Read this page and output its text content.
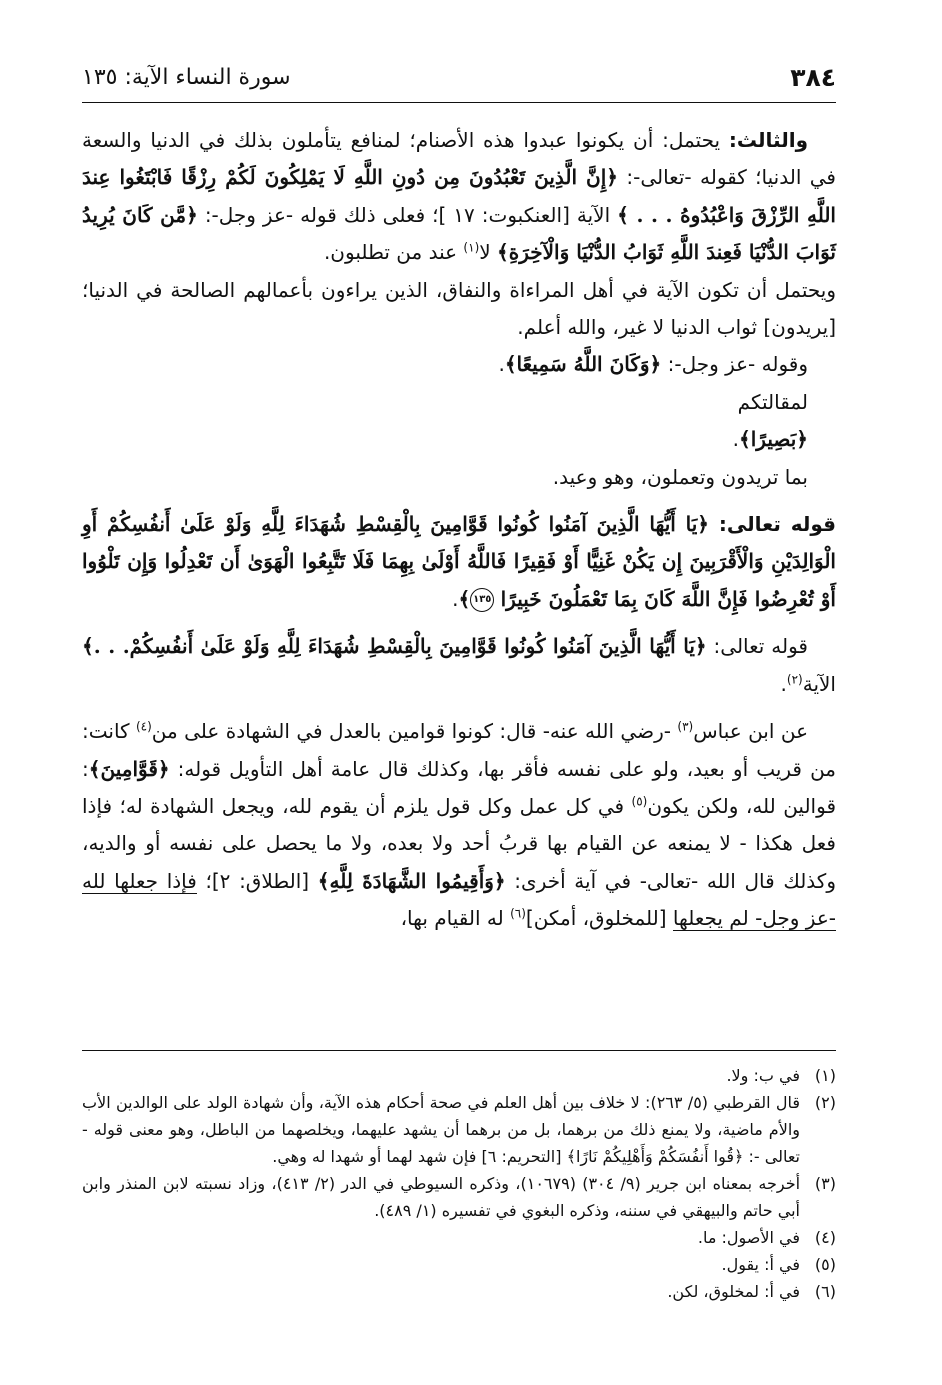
٣٨٤
سورة النساء الآية: ١٣٥

والثالث: يحتمل: أن يكونوا عبدوا هذه الأصنام؛ لمنافع يتأملون بذلك في الدنيا والسعة في الدنيا؛ كقوله -تعالى-: ﴿إِنَّ الَّذِينَ تَعْبُدُونَ مِن دُونِ اللَّهِ لَا يَمْلِكُونَ لَكُمْ رِزْقًا فَابْتَغُوا عِندَ اللَّهِ الرِّزْقَ وَاعْبُدُوهُ . . . ﴾ الآية [العنكبوت: ١٧ ]؛ فعلى ذلك قوله -عز وجل-: ﴿مَّن كَانَ يُرِيدُ ثَوَابَ الدُّنْيَا فَعِندَ اللَّهِ ثَوَابُ الدُّنْيَا وَالْآخِرَةِ﴾ لا$^{(١)}$ عند من تطلبون.

ويحتمل أن تكون الآية في أهل المراءاة والنفاق، الذين يراءون بأعمالهم الصالحة في الدنيا؛ [يريدون] ثواب الدنيا لا غير، والله أعلم.

وقوله -عز وجل-: ﴿وَكَانَ اللَّهُ سَمِيعًا﴾.

لمقالتكم

﴿بَصِيرًا﴾.

بما تريدون وتعملون، وهو وعيد.

قوله تعالى: ﴿يَا أَيُّهَا الَّذِينَ آمَنُوا كُونُوا قَوَّامِينَ بِالْقِسْطِ شُهَدَاءَ لِلَّهِ وَلَوْ عَلَىٰ أَنفُسِكُمْ أَوِ الْوَالِدَيْنِ وَالْأَقْرَبِينَ إِن يَكُنْ غَنِيًّا أَوْ فَقِيرًا فَاللَّهُ أَوْلَىٰ بِهِمَا فَلَا تَتَّبِعُوا الْهَوَىٰ أَن تَعْدِلُوا وَإِن تَلْوُوا أَوْ تُعْرِضُوا فَإِنَّ اللَّهَ كَانَ بِمَا تَعْمَلُونَ خَبِيرًا ١٣٥﴾.

قوله تعالى: ﴿يَا أَيُّهَا الَّذِينَ آمَنُوا كُونُوا قَوَّامِينَ بِالْقِسْطِ شُهَدَاءَ لِلَّهِ وَلَوْ عَلَىٰ أَنفُسِكُمْ. . .﴾ الآية$^{(٢)}$.

عن ابن عباس$^{(٣)}$ -رضي الله عنه- قال: كونوا قوامين بالعدل في الشهادة على من$^{(٤)}$ كانت: من قريب أو بعيد، ولو على نفسه فأقر بها، وكذلك قال عامة أهل التأويل قوله: ﴿قَوَّامِينَ﴾: قوالين لله، ولكن يكون$^{(٥)}$ في كل عمل وكل قول يلزم أن يقوم لله، ويجعل الشهادة له؛ فإذا فعل هكذا - لا يمنعه عن القيام بها قربُ أحد ولا بعده، ولا ما يحصل على نفسه أو والديه، وكذلك قال الله -تعالى- في آية أخرى: ﴿وَأَقِيمُوا الشَّهَادَةَ لِلَّهِ﴾ [الطلاق: ٢]؛ فإذا جعلها لله -عز وجل- لم يجعلها [للمخلوق، أمكن]$^{(٦)}$ له القيام بها،

(١)
في ب: ولا.
(٢)
قال القرطبي (٥/ ٢٦٣): لا خلاف بين أهل العلم في صحة أحكام هذه الآية، وأن شهادة الولد على الوالدين الأب والأم ماضية، ولا يمنع ذلك من برهما، بل من برهما أن يشهد عليهما، ويخلصهما من الباطل، وهو معنى قوله - تعالى -: ﴿قُوا أَنفُسَكُمْ وَأَهْلِيكُمْ نَارًا﴾ [التحريم: ٦] فإن شهد لهما أو شهدا له وهي.
(٣)
أخرجه بمعناه ابن جرير (٩/ ٣٠٤) (١٠٦٧٩)، وذكره السيوطي في الدر (٢/ ٤١٣)، وزاد نسبته لابن المنذر وابن أبي حاتم والبيهقي في سننه، وذكره البغوي في تفسيره (١/ ٤٨٩).
(٤)
في الأصول: ما.
(٥)
في أ: يقول.
(٦)
في أ: لمخلوق، لكن.
